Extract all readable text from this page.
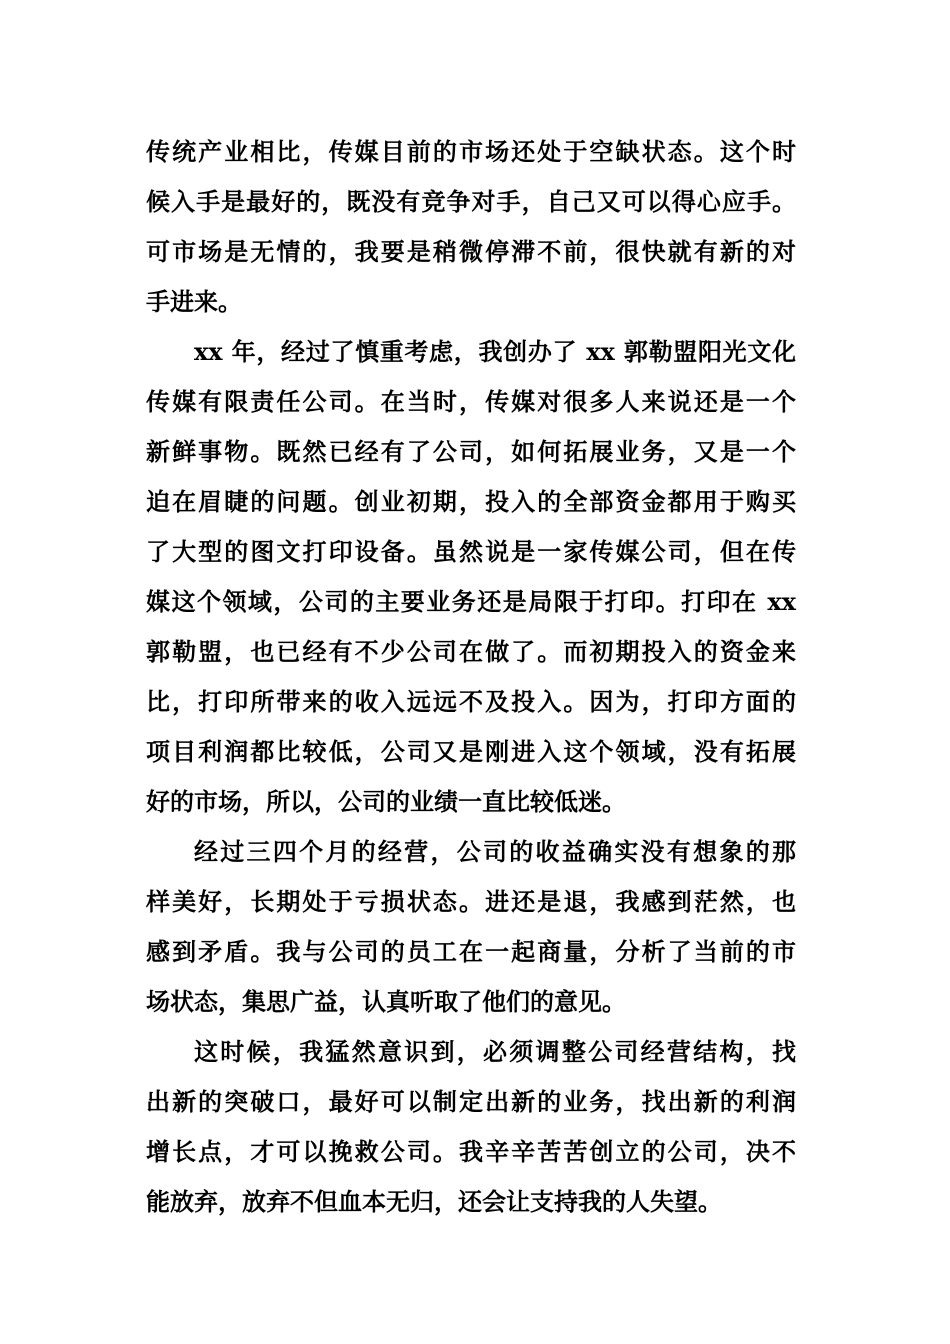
传统产业相比，传媒目前的市场还处于空缺状态。这个时
候入手是最好的，既没有竞争对手，自己又可以得心应手。
可市场是无情的，我要是稍微停滞不前，很快就有新的对
手进来。
xx 年，经过了慎重考虑，我创办了 xx 郭勒盟阳光文化
传媒有限责任公司。在当时，传媒对很多人来说还是一个
新鲜事物。既然已经有了公司，如何拓展业务，又是一个
迫在眉睫的问题。创业初期，投入的全部资金都用于购买
了大型的图文打印设备。虽然说是一家传媒公司，但在传
媒这个领域，公司的主要业务还是局限于打印。打印在 xx
郭勒盟，也已经有不少公司在做了。而初期投入的资金来
比，打印所带来的收入远远不及投入。因为，打印方面的
项目利润都比较低，公司又是刚进入这个领域，没有拓展
好的市场，所以，公司的业绩一直比较低迷。
经过三四个月的经营，公司的收益确实没有想象的那
样美好，长期处于亏损状态。进还是退，我感到茫然，也
感到矛盾。我与公司的员工在一起商量，分析了当前的市
场状态，集思广益，认真听取了他们的意见。
这时候，我猛然意识到，必须调整公司经营结构，找
出新的突破口，最好可以制定出新的业务，找出新的利润
增长点，才可以挽救公司。我辛辛苦苦创立的公司，决不
能放弃，放弃不但血本无归，还会让支持我的人失望。
